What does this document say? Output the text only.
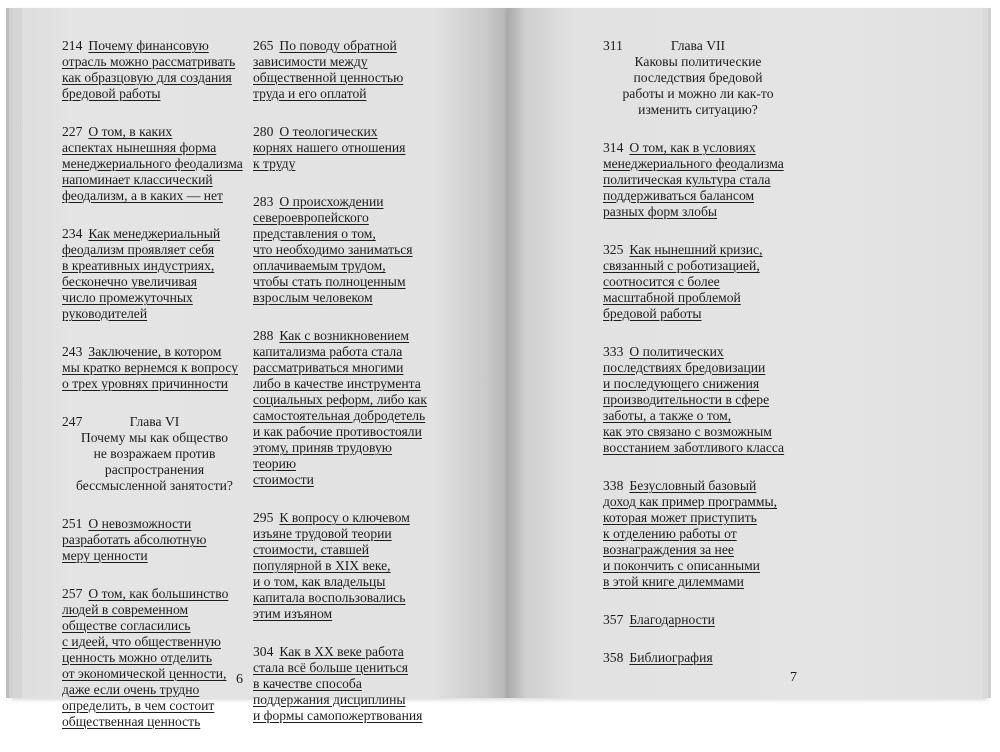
214 Почему финансовую
отрасль можно рассматривать
как образцовую для создания
бредовой работы
227 О том, в каких
аспектах нынешняя форма
менеджериального феодализма
напоминает классический
феодализм, а в каких — нет
234 Как менеджериальный
феодализм проявляет себя
в креативных индустриях,
бесконечно увеличивая
число промежуточных
руководителей
243 Заключение, в котором
мы кратко вернемся к вопросу
о трех уровнях причинности
247	Глава VI
Почему мы как общество
не возражаем против
распространения
бессмысленной занятости?
251 О невозможности
разработать абсолютную
меру ценности
257 О том, как большинство
людей в современном
обществе согласились
с идеей, что общественную
ценность можно отделить
от экономической ценности,
даже если очень трудно
определить, в чем состоит
общественная ценность
265 По поводу обратной
зависимости между
общественной ценностью
труда и его оплатой
280 О теологических
корнях нашего отношения
к труду
283 О происхождении
североевропейского
представления о том,
что необходимо заниматься
оплачиваемым трудом,
чтобы стать полноценным
взрослым человеком
288 Как с возникновением
капитализма работа стала
рассматриваться многими
либо в качестве инструмента
социальных реформ, либо как
самостоятельная добродетель
и как рабочие противостояли
этому, приняв трудовую теорию
стоимости
295 К вопросу о ключевом
изъяне трудовой теории
стоимости, ставшей
популярной в XIX веке,
и о том, как владельцы
капитала воспользовались
этим изъяном
304 Как в XX веке работа
стала всё больше цениться
в качестве способа
поддержания дисциплины
и формы самопожертвования
311	Глава VII
Каковы политические
последствия бредовой
работы и можно ли как-то
изменить ситуацию?
314 О том, как в условиях
менеджериального феодализма
политическая культура стала
поддерживаться балансом
разных форм злобы
325 Как нынешний кризис,
связанный с роботизацией,
соотносится с более
масштабной проблемой
бредовой работы
333 О политических
последствиях бредовизации
и последующего снижения
производительности в сфере
заботы, а также о том,
как это связано с возможным
восстанием заботливого класса
338 Безусловный базовый
доход как пример программы,
которая может приступить
к отделению работы от
вознаграждения за нее
и покончить с описанными
в этой книге дилеммами
357 Благодарности
358 Библиография
6	7
